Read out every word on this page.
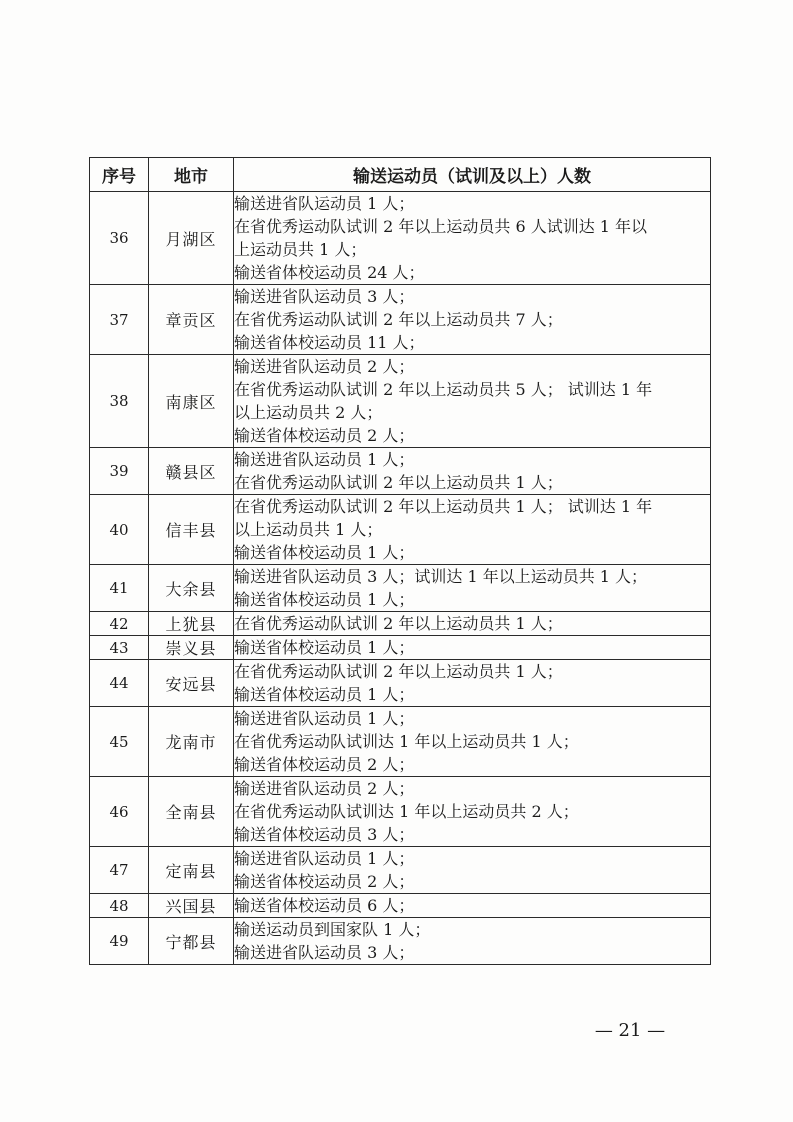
序号	地市	输送运动员（试训及以上）人数
36	月湖区	输送进省队运动员 1 人；
在省优秀运动队试训 2 年以上运动员共 6 人试训达 1 年以
上运动员共 1 人；
输送省体校运动员 24 人；

37	章贡区	输送进省队运动员 3 人；
在省优秀运动队试训 2 年以上运动员共 7 人；
输送省体校运动员 11 人；

38	南康区	输送进省队运动员 2 人；
在省优秀运动队试训 2 年以上运动员共 5 人； 试训达 1 年
以上运动员共 2 人；
输送省体校运动员 2 人；

39	赣县区	输送进省队运动员 1 人；
在省优秀运动队试训 2 年以上运动员共 1 人；

40	信丰县	在省优秀运动队试训 2 年以上运动员共 1 人； 试训达 1 年
以上运动员共 1 人；
输送省体校运动员 1 人；

41	大余县	输送进省队运动员 3 人；试训达 1 年以上运动员共 1 人；
输送省体校运动员 1 人；

42	上犹县	在省优秀运动队试训 2 年以上运动员共 1 人；

43	崇义县	输送省体校运动员 1 人；

44	安远县	在省优秀运动队试训 2 年以上运动员共 1 人；
输送省体校运动员 1 人；

45	龙南市	输送进省队运动员 1 人；
在省优秀运动队试训达 1 年以上运动员共 1 人；
输送省体校运动员 2 人；

46	全南县	输送进省队运动员 2 人；
在省优秀运动队试训达 1 年以上运动员共 2 人；
输送省体校运动员 3 人；

47	定南县	输送进省队运动员 1 人；
输送省体校运动员 2 人；

48	兴国县	输送省体校运动员 6 人；

49	宁都县	输送运动员到国家队 1 人；
输送进省队运动员 3 人；
— 21 —
